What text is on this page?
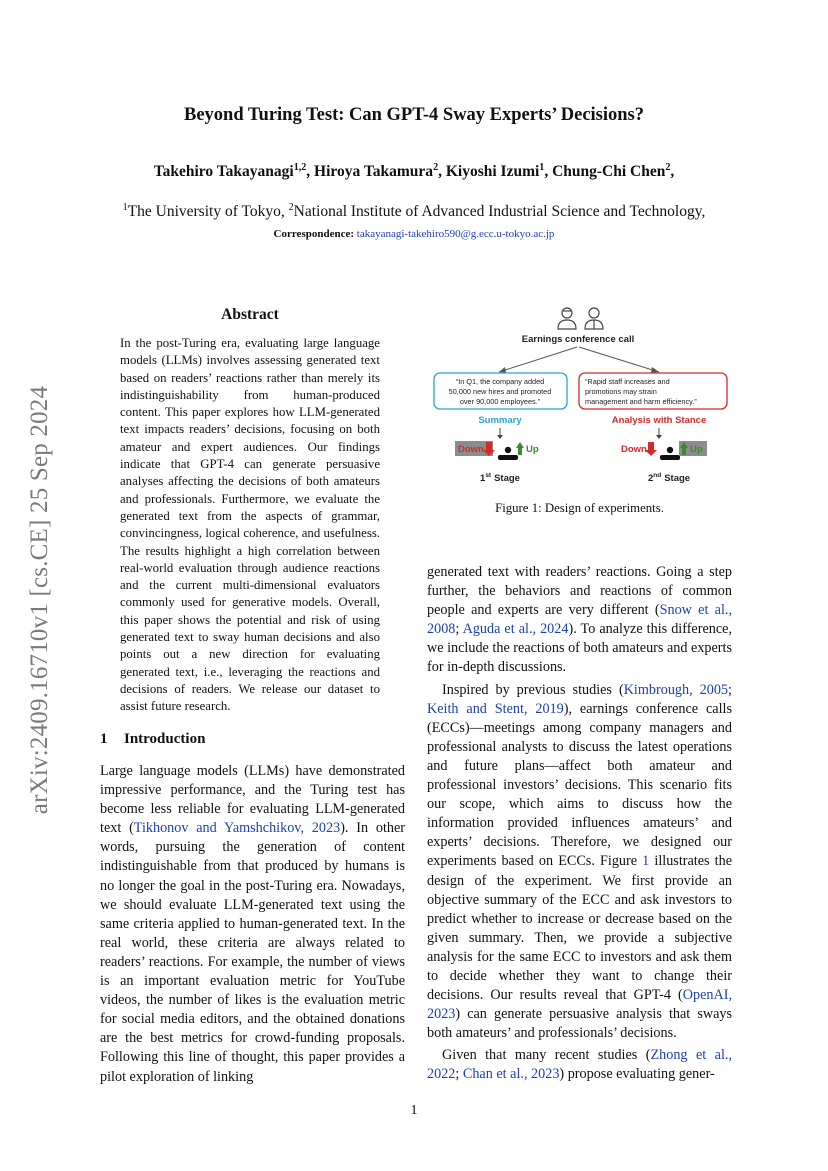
arXiv:2409.16710v1 [cs.CE] 25 Sep 2024
Beyond Turing Test: Can GPT-4 Sway Experts’ Decisions?
Takehiro Takayanagi$^{1,2}$, Hiroya Takamura$^2$, Kiyoshi Izumi$^1$, Chung-Chi Chen$^2$,
$^1$The University of Tokyo, $^2$National Institute of Advanced Industrial Science and Technology,
Correspondence: takayanagi-takehiro590@g.ecc.u-tokyo.ac.jp
Abstract

In the post-Turing era, evaluating large language models (LLMs) involves assessing generated text based on readers’ reactions rather than merely its indistinguishability from human-produced content. This paper explores how LLM-generated text impacts readers’ decisions, focusing on both amateur and expert audiences. Our findings indicate that GPT-4 can generate persuasive analyses affecting the decisions of both amateurs and professionals. Furthermore, we evaluate the generated text from the aspects of grammar, convincingness, logical coherence, and usefulness. The results highlight a high correlation between real-world evaluation through audience reactions and the current multi-dimensional evaluators commonly used for generative models. Overall, this paper shows the potential and risk of using generated text to sway human decisions and also points out a new direction for evaluating generated text, i.e., leveraging the reactions and decisions of readers. We release our dataset to assist future research.

Earnings conference call
“In Q1, the company added
50,000 new hires and promoted
over 90,000 employees.”
“Rapid staff increases and
promotions may strain
management and harm efficiency.”
Summary	Analysis with Stance
Down	Up
1st Stage
Down	Up
2nd Stage
Figure 1: Design of experiments.
1 Introduction

Large language models (LLMs) have demonstrated impressive performance, and the Turing test has become less reliable for evaluating LLM-generated text (Tikhonov and Yamshchikov, 2023). In other words, pursuing the generation of content indistinguishable from that produced by humans is no longer the goal in the post-Turing era. Nowadays, we should evaluate LLM-generated text using the same criteria applied to human-generated text. In the real world, these criteria are always related to readers’ reactions. For example, the number of views is an important evaluation metric for YouTube videos, the number of likes is the evaluation metric for social media editors, and the obtained donations are the best metrics for crowd-funding proposals. Following this line of thought, this paper provides a pilot exploration of linking

generated text with readers’ reactions. Going a step further, the behaviors and reactions of common people and experts are very different (Snow et al., 2008; Aguda et al., 2024). To analyze this difference, we include the reactions of both amateurs and experts for in-depth discussions.

Inspired by previous studies (Kimbrough, 2005; Keith and Stent, 2019), earnings conference calls (ECCs)—meetings among company managers and professional analysts to discuss the latest operations and future plans—affect both amateur and professional investors’ decisions. This scenario fits our scope, which aims to discuss how the information provided influences amateurs’ and experts’ decisions. Therefore, we designed our experiments based on ECCs. Figure 1 illustrates the design of the experiment. We first provide an objective summary of the ECC and ask investors to predict whether to increase or decrease based on the given summary. Then, we provide a subjective analysis for the same ECC to investors and ask them to decide whether they want to change their decisions. Our results reveal that GPT-4 (OpenAI, 2023) can generate persuasive analysis that sways both amateurs’ and professionals’ decisions.

Given that many recent studies (Zhong et al., 2022; Chan et al., 2023) propose evaluating gener-

1
